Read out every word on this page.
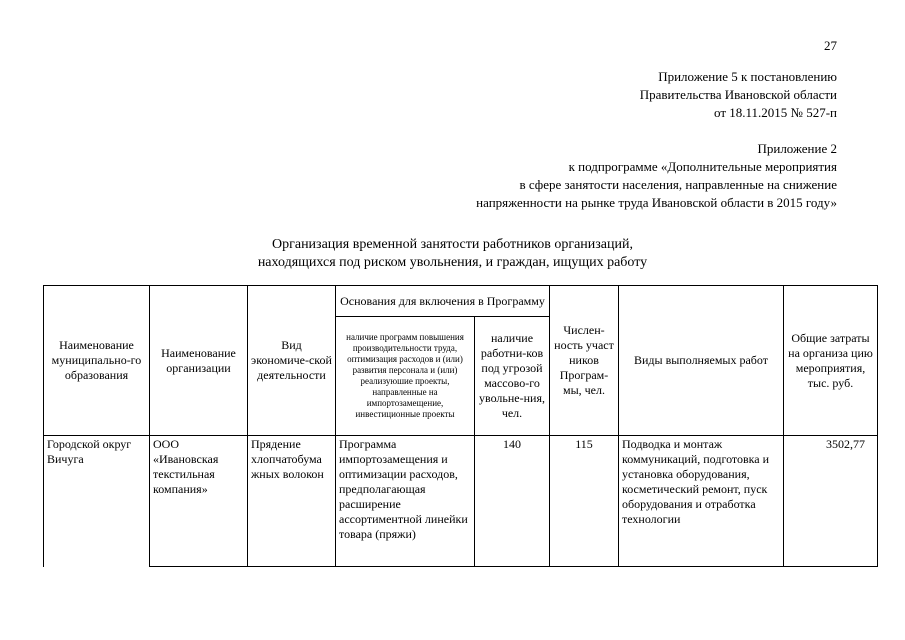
27
Приложение 5 к постановлению
Правительства Ивановской области
от 18.11.2015 № 527-п
Приложение 2
к подпрограмме «Дополнительные мероприятия
в сфере занятости населения, направленные на снижение
напряженности на рынке труда Ивановской области в 2015 году»
Организация временной занятости работников организаций,
находящихся под риском увольнения, и граждан, ищущих работу
Наименование муниципально-го образования	Наименование организации	Вид экономиче-ской деятельности	Основания для включения в Программу		Числен-ность участ ников Програм-мы, чел.	Виды выполняемых работ	Общие затраты на организа цию мероприятия, тыс. руб.
			наличие программ повышения производительности труда, оптимизация расходов и (или) развития персонала и (или) реализуюшие проекты, направленные на импортозамещение, инвестиционные проекты	наличие работни-ков под угрозой массово-го увольне-ния, чел.			
Городской округ Вичуга	ООО «Ивановская текстильная компания»	Прядение хлопчатобума жных волокон	Программа импортозамещения и оптимизации расходов, предполагающая расширение ассортиментной линейки товара (пряжи)	140	115	Подводка и монтаж коммуникаций, подготовка и установка оборудования, косметический ремонт, пуск оборудования и отработка технологии	3502,77
